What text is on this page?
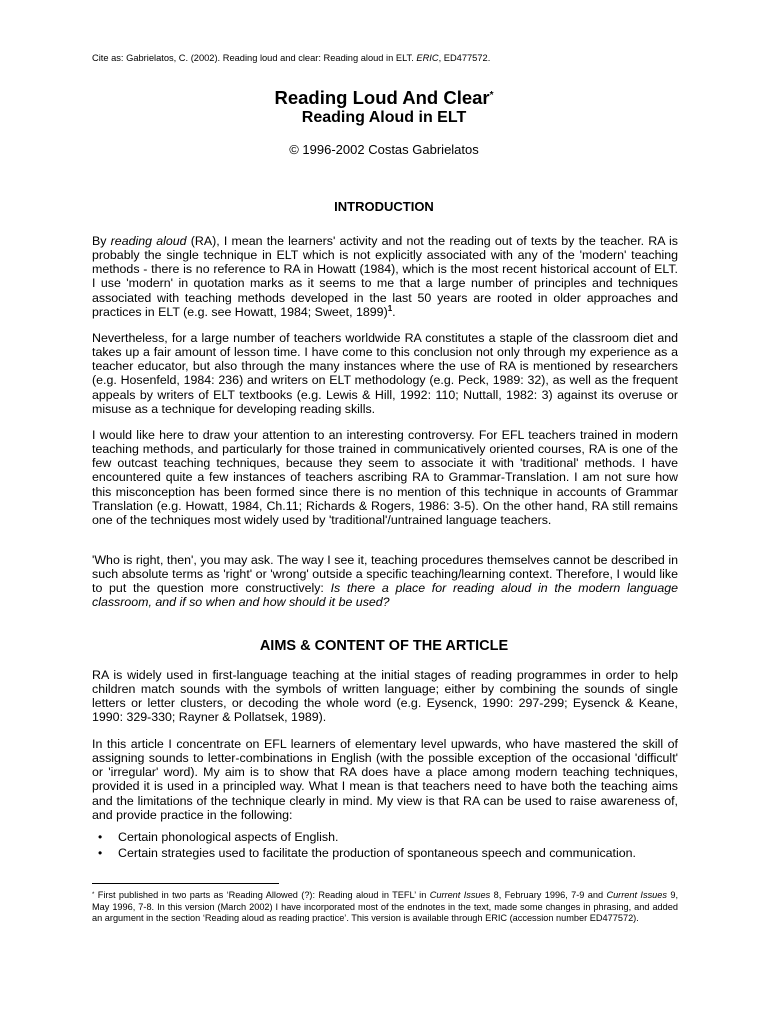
Cite as: Gabrielatos, C. (2002). Reading loud and clear: Reading aloud in ELT. ERIC, ED477572.
Reading Loud And Clear*
Reading Aloud in ELT
© 1996-2002 Costas Gabrielatos
INTRODUCTION
By reading aloud (RA), I mean the learners' activity and not the reading out of texts by the teacher. RA is probably the single technique in ELT which is not explicitly associated with any of the 'modern' teaching methods - there is no reference to RA in Howatt (1984), which is the most recent historical account of ELT. I use 'modern' in quotation marks as it seems to me that a large number of principles and techniques associated with teaching methods developed in the last 50 years are rooted in older approaches and practices in ELT (e.g. see Howatt, 1984; Sweet, 1899)$^1$.
Nevertheless, for a large number of teachers worldwide RA constitutes a staple of the classroom diet and takes up a fair amount of lesson time. I have come to this conclusion not only through my experience as a teacher educator, but also through the many instances where the use of RA is mentioned by researchers (e.g. Hosenfeld, 1984: 236) and writers on ELT methodology (e.g. Peck, 1989: 32), as well as the frequent appeals by writers of ELT textbooks (e.g. Lewis & Hill, 1992: 110; Nuttall, 1982: 3) against its overuse or misuse as a technique for developing reading skills.
I would like here to draw your attention to an interesting controversy. For EFL teachers trained in modern teaching methods, and particularly for those trained in communicatively oriented courses, RA is one of the few outcast teaching techniques, because they seem to associate it with 'traditional' methods. I have encountered quite a few instances of teachers ascribing RA to Grammar-Translation. I am not sure how this misconception has been formed since there is no mention of this technique in accounts of Grammar Translation (e.g. Howatt, 1984, Ch.11; Richards & Rogers, 1986: 3-5). On the other hand, RA still remains one of the techniques most widely used by 'traditional'/untrained language teachers.
'Who is right, then', you may ask. The way I see it, teaching procedures themselves cannot be described in such absolute terms as 'right' or 'wrong' outside a specific teaching/learning context. Therefore, I would like to put the question more constructively: Is there a place for reading aloud in the modern language classroom, and if so when and how should it be used?
AIMS & CONTENT OF THE ARTICLE
RA is widely used in first-language teaching at the initial stages of reading programmes in order to help children match sounds with the symbols of written language; either by combining the sounds of single letters or letter clusters, or decoding the whole word (e.g. Eysenck, 1990: 297-299; Eysenck & Keane, 1990: 329-330; Rayner & Pollatsek, 1989).
In this article I concentrate on EFL learners of elementary level upwards, who have mastered the skill of assigning sounds to letter-combinations in English (with the possible exception of the occasional 'difficult' or 'irregular' word). My aim is to show that RA does have a place among modern teaching techniques, provided it is used in a principled way. What I mean is that teachers need to have both the teaching aims and the limitations of the technique clearly in mind. My view is that RA can be used to raise awareness of, and provide practice in the following:
• Certain phonological aspects of English.
• Certain strategies used to facilitate the production of spontaneous speech and communication.
* First published in two parts as ‘Reading Allowed (?): Reading aloud in TEFL’ in Current Issues 8, February 1996, 7-9 and Current Issues 9, May 1996, 7-8. In this version (March 2002) I have incorporated most of the endnotes in the text, made some changes in phrasing, and added an argument in the section ‘Reading aloud as reading practice’. This version is available through ERIC (accession number ED477572).
